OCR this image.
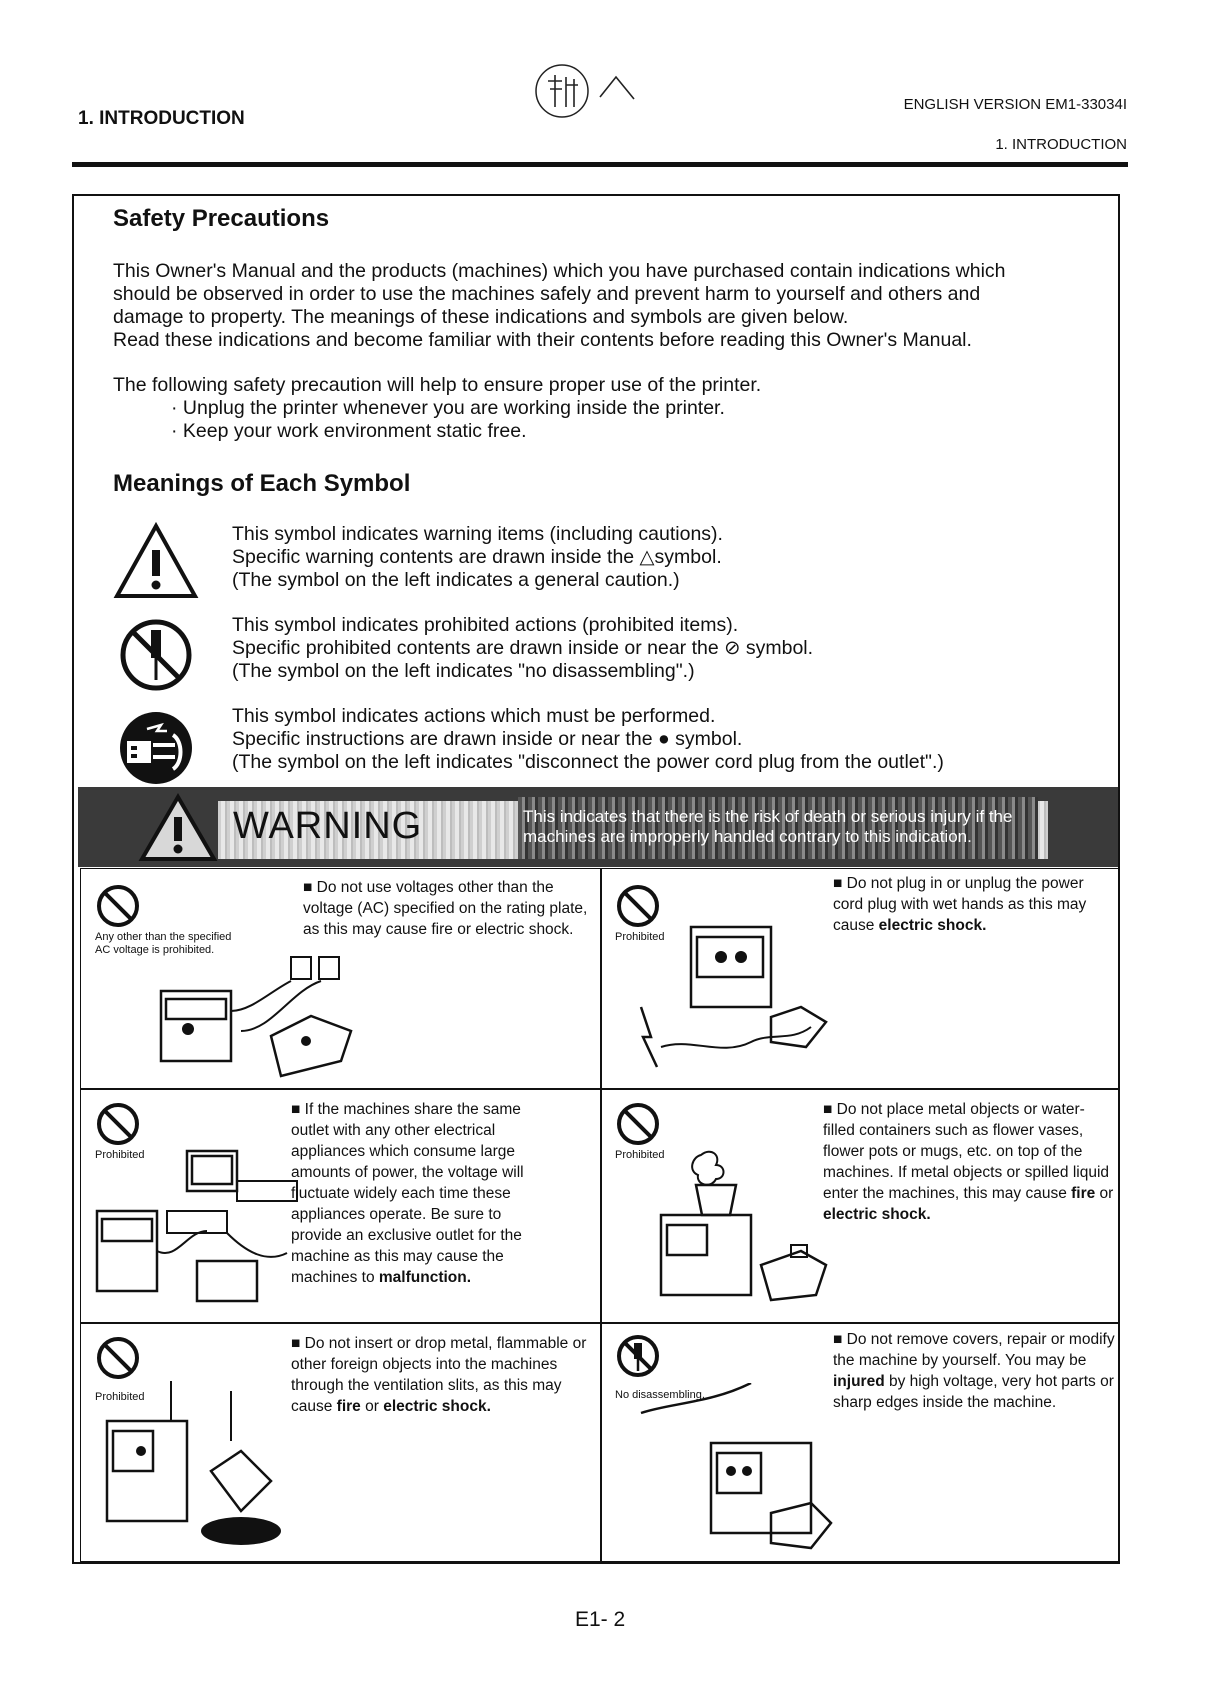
1. INTRODUCTION
ENGLISH VERSION EM1-33034I
1. INTRODUCTION
Safety Precautions

This Owner's Manual and the products (machines) which you have purchased contain indications which

should be observed in order to use the machines safely and prevent harm to yourself and others and

damage to property. The meanings of these indications and symbols are given below.

Read these indications and become familiar with their contents before reading this Owner's Manual.

The following safety precaution will help to ensure proper use of the printer.
· Unplug the printer whenever you are working inside the printer.
· Keep your work environment static free.
Meanings of Each Symbol
This symbol indicates warning items (including cautions).
Specific warning contents are drawn inside the △symbol.
(The symbol on the left indicates a general caution.)
This symbol indicates prohibited actions (prohibited items).
Specific prohibited contents are drawn inside or near the ⊘ symbol.
(The symbol on the left indicates "no disassembling".)
This symbol indicates actions which must be performed.
Specific instructions are drawn inside or near the ● symbol.
(The symbol on the left indicates "disconnect the power cord plug from the outlet".)
WARNING	This indicates that there is the risk of death or serious injury if the
machines are improperly handled contrary to this indication.
Any other than the specified AC voltage is prohibited.
■ Do not use voltages other than the voltage (AC) specified on the rating plate, as this may cause fire or electric shock.	Prohibited
■ Do not plug in or unplug the power cord plug with wet hands as this may cause electric shock.
Prohibited
■ If the machines share the same outlet with any other electrical appliances which consume large amounts of power, the voltage will fluctuate widely each time these appliances operate. Be sure to provide an exclusive outlet for the machine as this may cause the machines to malfunction.
Prohibited
■ Do not place metal objects or water-filled containers such as flower vases, flower pots or mugs, etc. on top of the machines. If metal objects or spilled liquid enter the machines, this may cause fire or electric shock.
Prohibited
■ Do not insert or drop metal, flammable or other foreign objects into the machines through the ventilation slits, as this may cause fire or electric shock.
No disassembling.
■ Do not remove covers, repair or modify the machine by yourself. You may be injured by high voltage, very hot parts or sharp edges inside the machine.
E1- 2
